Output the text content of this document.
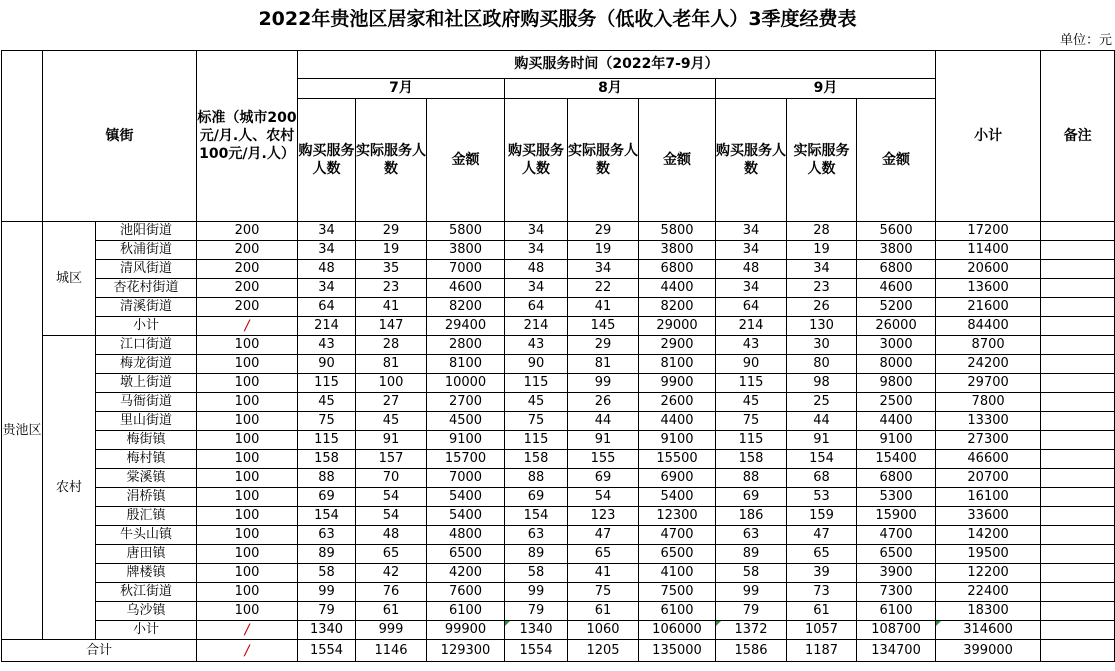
2022年贵池区居家和社区政府购买服务（低收入老年人）3季度经费表
单位：元
	镇街		标准（城市200元/月.人、农村100元/月.人）	购买服务时间（2022年7-9月）									小计	备注
				7月			8月			9月				
				购买服务人数	实际服务人数	金额	购买服务人数	实际服务人数	金额	购买服务人数	实际服务人数	金额		
贵池区	城区	池阳街道	200	34	29	5800	34	29	5800	34	28	5600	17200	
		秋浦街道	200	34	19	3800	34	19	3800	34	19	3800	11400	
		清风街道	200	48	35	7000	48	34	6800	48	34	6800	20600	
		杏花村街道	200	34	23	4600	34	22	4400	34	23	4600	13600	
		清溪街道	200	64	41	8200	64	41	8200	64	26	5200	21600	
		小计	/	214	147	29400	214	145	29000	214	130	26000	84400	
	农村	江口街道	100	43	28	2800	43	29	2900	43	30	3000	8700	
		梅龙街道	100	90	81	8100	90	81	8100	90	80	8000	24200	
		墩上街道	100	115	100	10000	115	99	9900	115	98	9800	29700	
		马衙街道	100	45	27	2700	45	26	2600	45	25	2500	7800	
		里山街道	100	75	45	4500	75	44	4400	75	44	4400	13300	
		梅街镇	100	115	91	9100	115	91	9100	115	91	9100	27300	
		梅村镇	100	158	157	15700	158	155	15500	158	154	15400	46600	
		棠溪镇	100	88	70	7000	88	69	6900	88	68	6800	20700	
		涓桥镇	100	69	54	5400	69	54	5400	69	53	5300	16100	
		殷汇镇	100	154	54	5400	154	123	12300	186	159	15900	33600	
		牛头山镇	100	63	48	4800	63	47	4700	63	47	4700	14200	
		唐田镇	100	89	65	6500	89	65	6500	89	65	6500	19500	
		牌楼镇	100	58	42	4200	58	41	4100	58	39	3900	12200	
		秋江街道	100	99	76	7600	99	75	7500	99	73	7300	22400	
		乌沙镇	100	79	61	6100	79	61	6100	79	61	6100	18300	
		小计	/	1340	999	99900	1340	1060	106000	1372	1057	108700	314600	
合计			/	1554	1146	129300	1554	1205	135000	1586	1187	134700	399000	
